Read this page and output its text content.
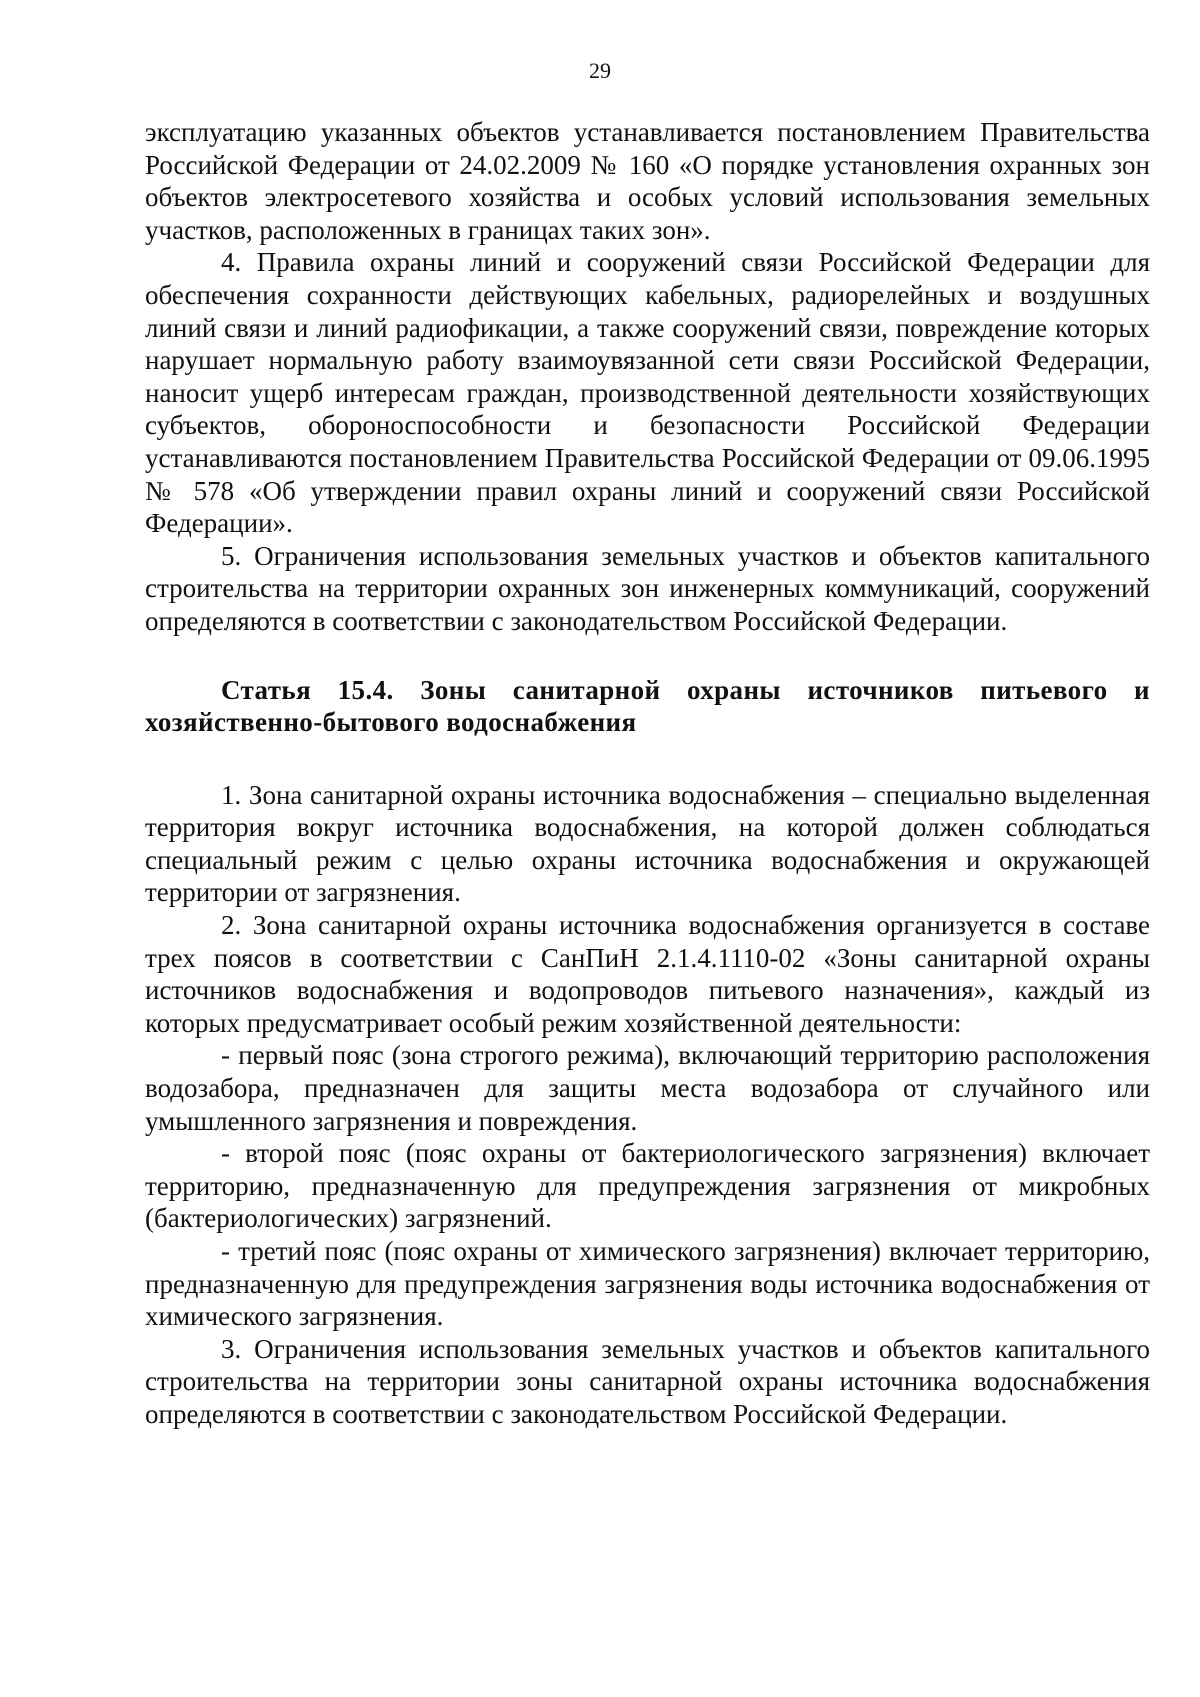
29

эксплуатацию указанных объектов устанавливается постановлением Правительства Российской Федерации от 24.02.2009 № 160 «О порядке установления охранных зон объектов электросетевого хозяйства и особых условий использования земельных участков, расположенных в границах таких зон».

4. Правила охраны линий и сооружений связи Российской Федерации для обеспечения сохранности действующих кабельных, радиорелейных и воздушных линий связи и линий радиофикации, а также сооружений связи, повреждение которых нарушает нормальную работу взаимоувязанной сети связи Российской Федерации, наносит ущерб интересам граждан, производственной деятельности хозяйствующих субъектов, обороноспособности и безопасности Российской Федерации устанавливаются постановлением Правительства Российской Федерации от 09.06.1995 № 578 «Об утверждении правил охраны линий и сооружений связи Российской Федерации».

5. Ограничения использования земельных участков и объектов капитального строительства на территории охранных зон инженерных коммуникаций, сооружений определяются в соответствии с законодательством Российской Федерации.

Статья 15.4. Зоны санитарной охраны источников питьевого и хозяйственно-бытового водоснабжения

1. Зона санитарной охраны источника водоснабжения – специально выделенная территория вокруг источника водоснабжения, на которой должен соблюдаться специальный режим с целью охраны источника водоснабжения и окружающей территории от загрязнения.

2. Зона санитарной охраны источника водоснабжения организуется в составе трех поясов в соответствии с СанПиН 2.1.4.1110-02 «Зоны санитарной охраны источников водоснабжения и водопроводов питьевого назначения», каждый из которых предусматривает особый режим хозяйственной деятельности:

- первый пояс (зона строгого режима), включающий территорию расположения водозабора, предназначен для защиты места водозабора от случайного или умышленного загрязнения и повреждения.

- второй пояс (пояс охраны от бактериологического загрязнения) включает территорию, предназначенную для предупреждения загрязнения от микробных (бактериологических) загрязнений.

- третий пояс (пояс охраны от химического загрязнения) включает территорию, предназначенную для предупреждения загрязнения воды источника водоснабжения от химического загрязнения.

3. Ограничения использования земельных участков и объектов капитального строительства на территории зоны санитарной охраны источника водоснабжения определяются в соответствии с законодательством Российской Федерации.
